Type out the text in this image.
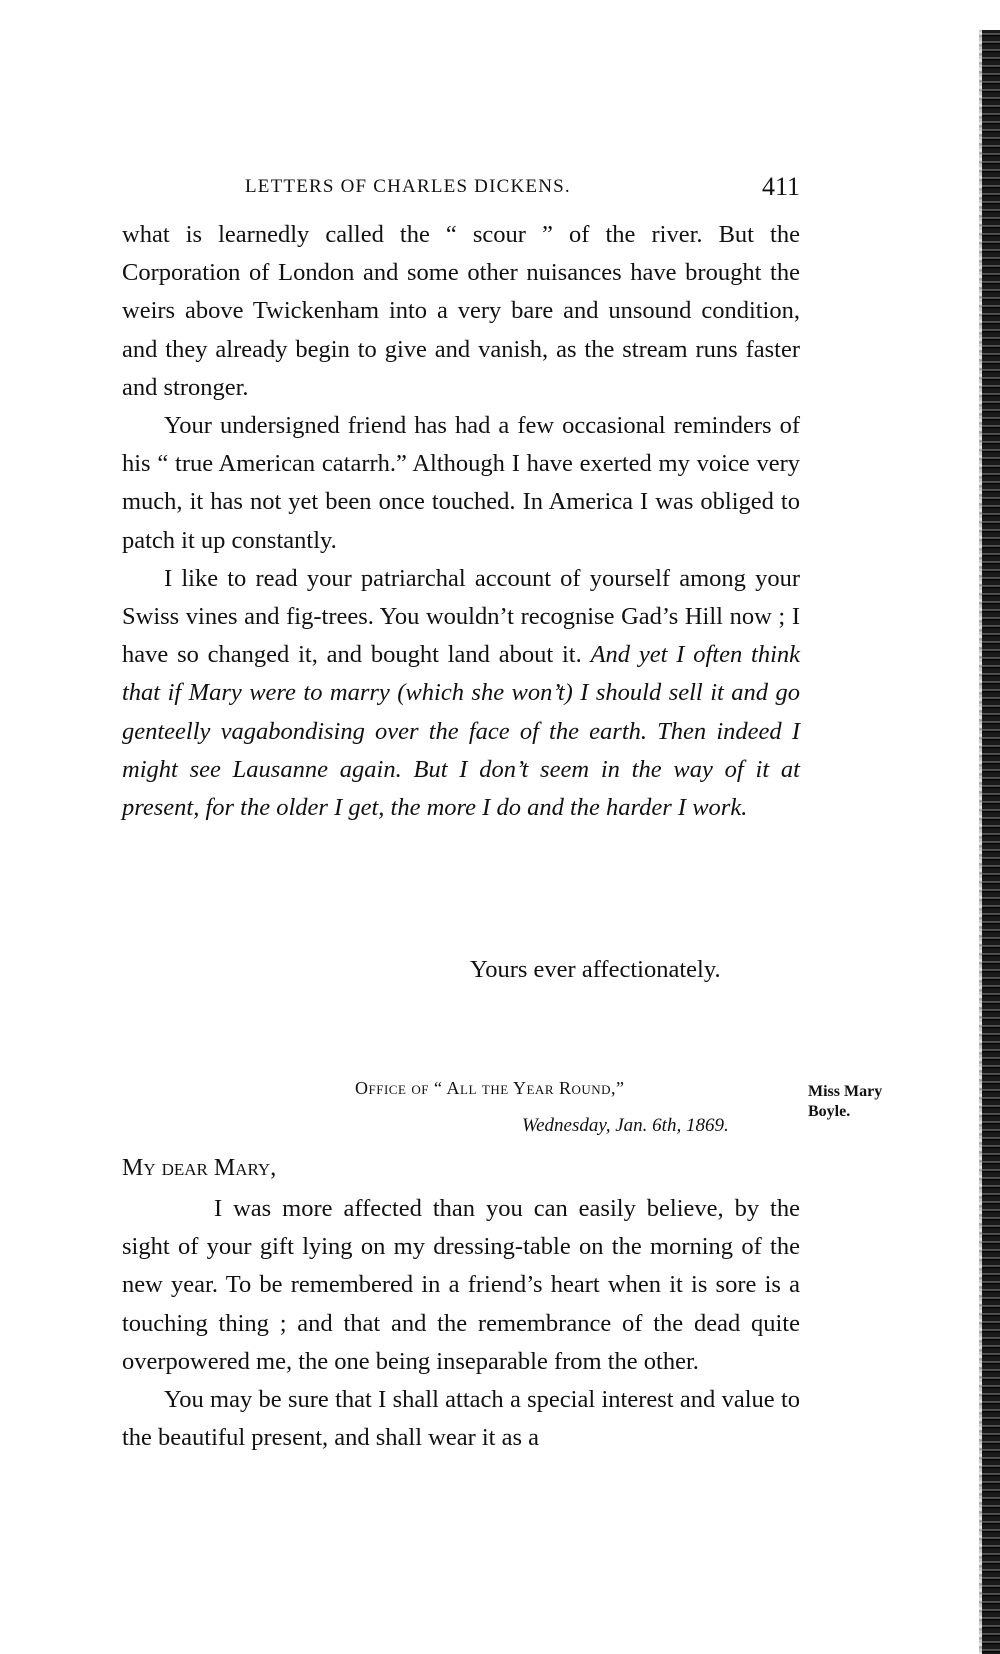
LETTERS OF CHARLES DICKENS.	411

what is learnedly called the “ scour ” of the river. But the Corporation of London and some other nuisances have brought the weirs above Twickenham into a very bare and unsound condition, and they already begin to give and vanish, as the stream runs faster and stronger.

Your undersigned friend has had a few occasional reminders of his “ true American catarrh.” Although I have exerted my voice very much, it has not yet been once touched. In America I was obliged to patch it up constantly.

I like to read your patriarchal account of yourself among your Swiss vines and fig-trees. You wouldn’t recognise Gad’s Hill now ; I have so changed it, and bought land about it. And yet I often think that if Mary were to marry (which she won’t) I should sell it and go genteelly vagabondising over the face of the earth. Then indeed I might see Lausanne again. But I don’t seem in the way of it at present, for the older I get, the more I do and the harder I work.

Yours ever affectionately.
Office of “ All the Year Round,”
Wednesday, Jan. 6th, 1869.
Miss Mary Boyle.
My dear Mary,

I was more affected than you can easily believe, by the sight of your gift lying on my dressing-table on the morning of the new year. To be remembered in a friend’s heart when it is sore is a touching thing ; and that and the remembrance of the dead quite overpowered me, the one being inseparable from the other.

You may be sure that I shall attach a special interest and value to the beautiful present, and shall wear it as a
